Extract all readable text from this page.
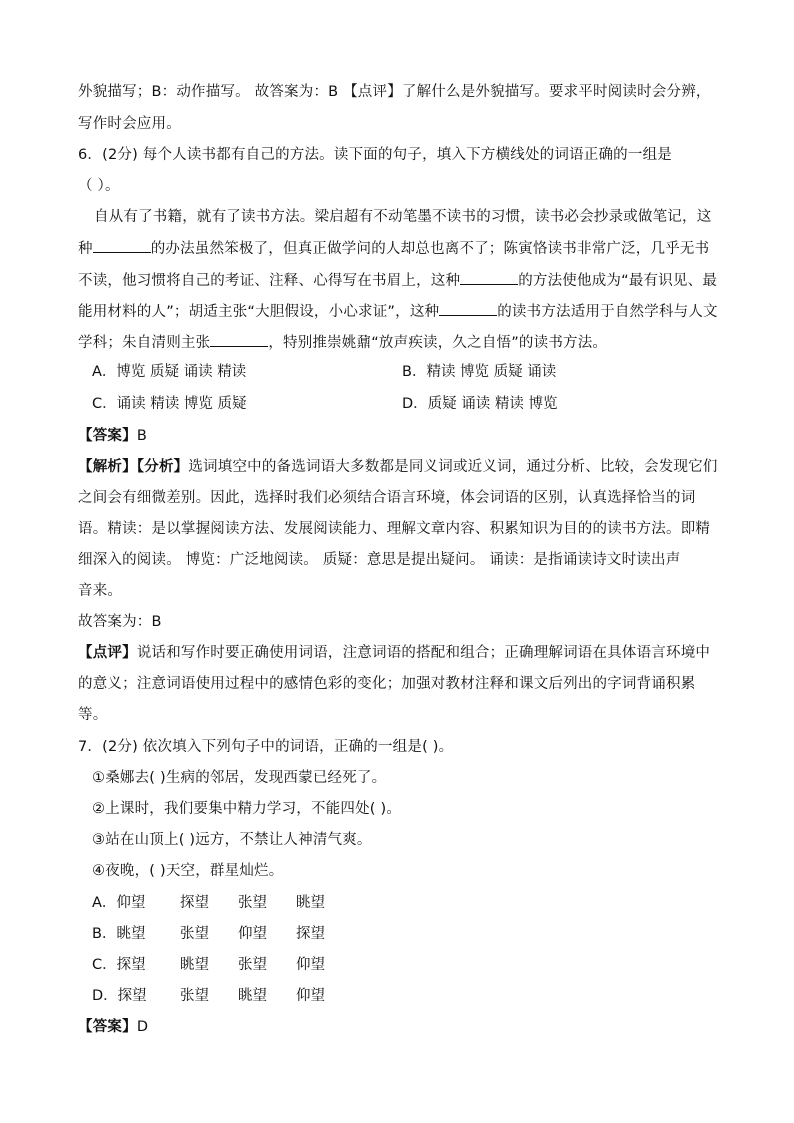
外貌描写；B：动作描写。 故答案为：B 【点评】了解什么是外貌描写。要求平时阅读时会分辨，
写作时会应用。
6．(2分) 每个人读书都有自己的方法。读下面的句子，填入下方横线处的词语正确的一组是
（ ）。
自从有了书籍，就有了读书方法。梁启超有不动笔墨不读书的习惯，读书必会抄录或做笔记，这
种	的办法虽然笨极了，但真正做学问的人却总也离不了；陈寅恪读书非常广泛，几乎无书
不读，他习惯将自己的考证、注释、心得写在书眉上，这种	的方法使他成为“最有识见、最
能用材料的人”；胡适主张“大胆假设，小心求证”，这种	的读书方法适用于自然学科与人文
学科；朱自清则主张	，特别推崇姚鼐“放声疾读，久之自悟”的读书方法。
A．博览 质疑 诵读 精读	B．精读 博览 质疑 诵读
C．诵读 精读 博览 质疑	D．质疑 诵读 精读 博览
【答案】B
【解析】【分析】选词填空中的备选词语大多数都是同义词或近义词，通过分析、比较，会发现它们
之间会有细微差别。因此，选择时我们必须结合语言环境，体会词语的区别，认真选择恰当的词
语。精读：是以掌握阅读方法、发展阅读能力、理解文章内容、积累知识为目的的读书方法。即精
细深入的阅读。 博览：广泛地阅读。 质疑：意思是提出疑问。 诵读：是指诵读诗文时读出声
音来。
故答案为：B
【点评】说话和写作时要正确使用词语，注意词语的搭配和组合；正确理解词语在具体语言环境中
的意义；注意词语使用过程中的感情色彩的变化；加强对教材注释和课文后列出的字词背诵积累
等。
7．(2分) 依次填入下列句子中的词语，正确的一组是( )。
①桑娜去( )生病的邻居，发现西蒙已经死了。
②上课时，我们要集中精力学习，不能四处( )。
③站在山顶上( )远方，不禁让人神清气爽。
④夜晚，( )天空，群星灿烂。
A．仰望 探望 张望 眺望
B．眺望 张望 仰望 探望
C．探望 眺望 张望 仰望
D．探望 张望 眺望 仰望
【答案】D
